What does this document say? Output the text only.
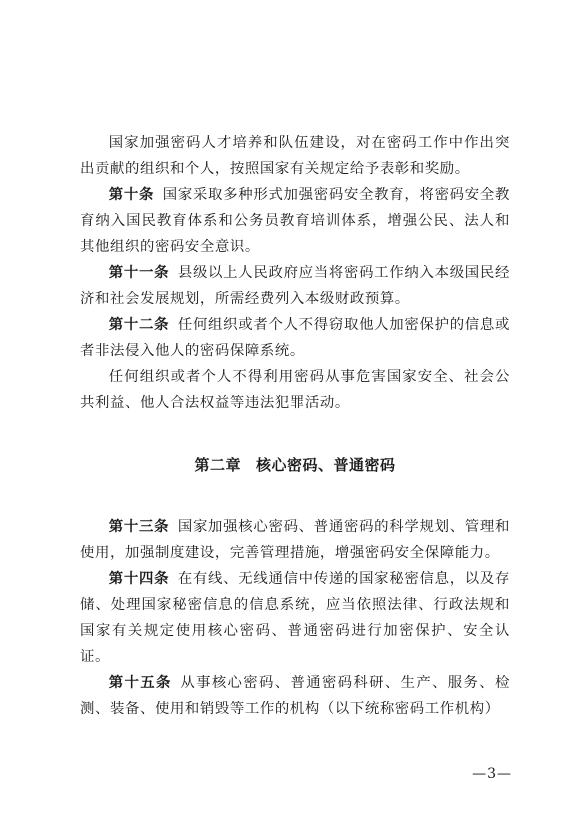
国家加强密码人才培养和队伍建设，对在密码工作中作出突出贡献的组织和个人，按照国家有关规定给予表彰和奖励。

第十条 国家采取多种形式加强密码安全教育，将密码安全教育纳入国民教育体系和公务员教育培训体系，增强公民、法人和其他组织的密码安全意识。

第十一条 县级以上人民政府应当将密码工作纳入本级国民经济和社会发展规划，所需经费列入本级财政预算。

第十二条 任何组织或者个人不得窃取他人加密保护的信息或者非法侵入他人的密码保障系统。

任何组织或者个人不得利用密码从事危害国家安全、社会公共利益、他人合法权益等违法犯罪活动。

第二章 核心密码、普通密码

第十三条 国家加强核心密码、普通密码的科学规划、管理和使用，加强制度建设，完善管理措施，增强密码安全保障能力。

第十四条 在有线、无线通信中传递的国家秘密信息，以及存储、处理国家秘密信息的信息系统，应当依照法律、行政法规和国家有关规定使用核心密码、普通密码进行加密保护、安全认证。

第十五条 从事核心密码、普通密码科研、生产、服务、检测、装备、使用和销毁等工作的机构（以下统称密码工作机构）

—3—
